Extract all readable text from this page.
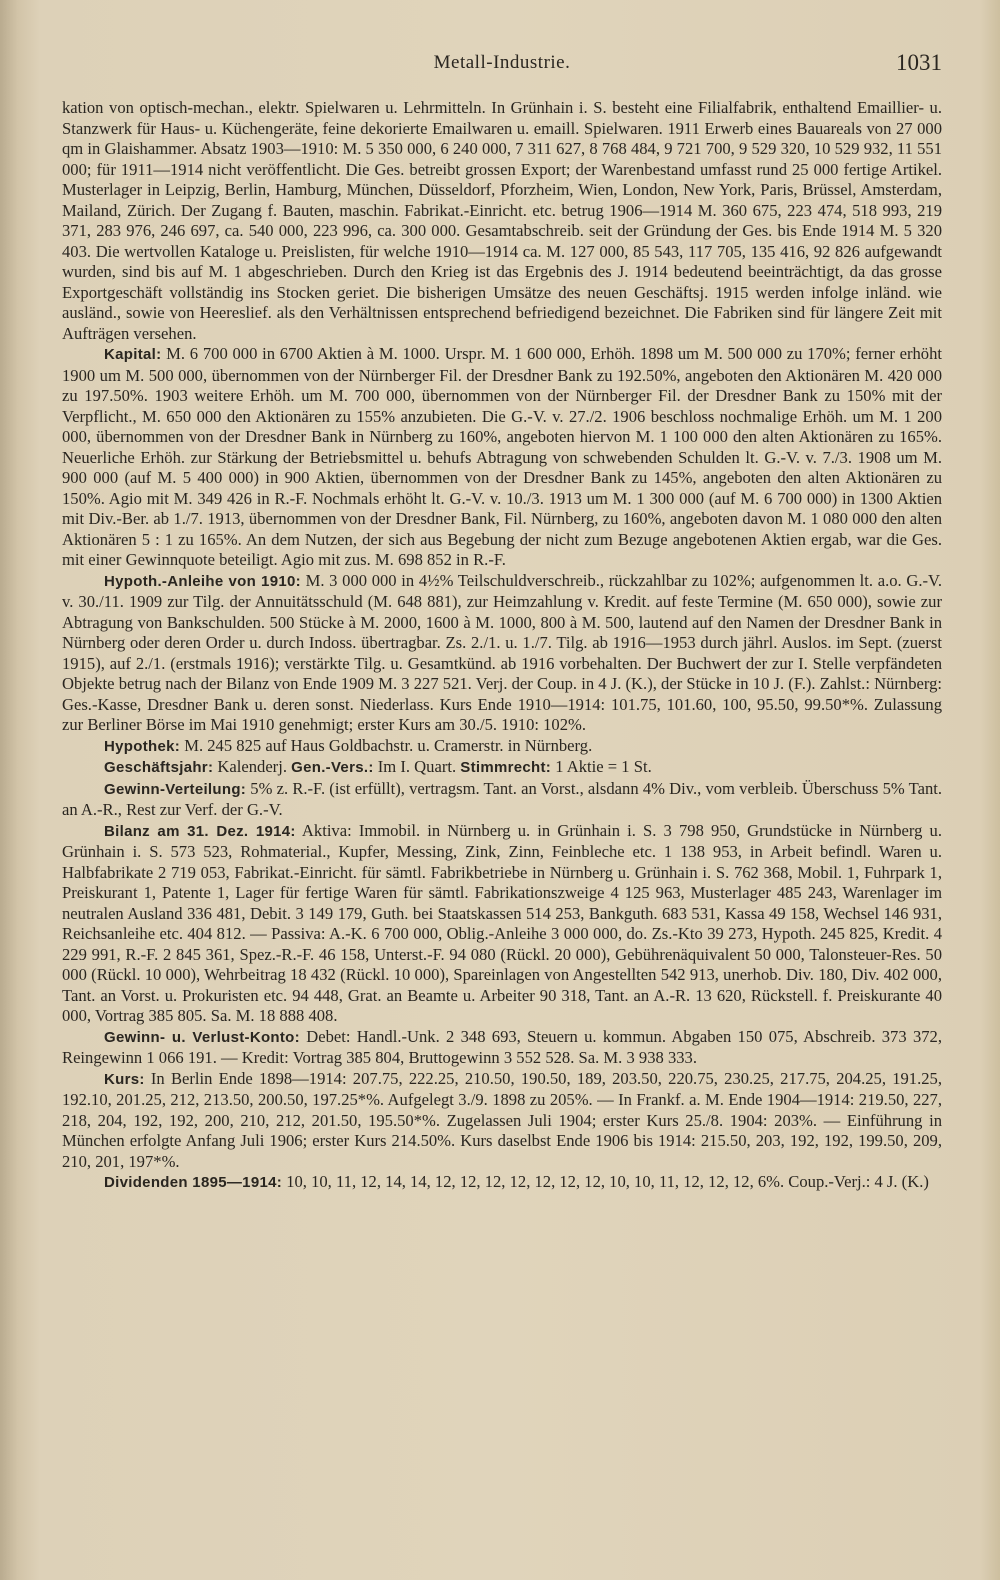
Metall-Industrie.	1031

kation von optisch-mechan., elektr. Spielwaren u. Lehrmitteln. In Grünhain i. S. besteht eine Filialfabrik, enthaltend Emaillier- u. Stanzwerk für Haus- u. Küchengeräte, feine dekorierte Emailwaren u. emaill. Spielwaren. 1911 Erwerb eines Bauareals von 27 000 qm in Glaishammer. Absatz 1903—1910: M. 5 350 000, 6 240 000, 7 311 627, 8 768 484, 9 721 700, 9 529 320, 10 529 932, 11 551 000; für 1911—1914 nicht veröffentlicht. Die Ges. betreibt grossen Export; der Warenbestand umfasst rund 25 000 fertige Artikel. Musterlager in Leipzig, Berlin, Hamburg, München, Düsseldorf, Pforzheim, Wien, London, New York, Paris, Brüssel, Amsterdam, Mailand, Zürich. Der Zugang f. Bauten, maschin. Fabrikat.-Einricht. etc. betrug 1906—1914 M. 360 675, 223 474, 518 993, 219 371, 283 976, 246 697, ca. 540 000, 223 996, ca. 300 000. Gesamtabschreib. seit der Gründung der Ges. bis Ende 1914 M. 5 320 403. Die wertvollen Kataloge u. Preislisten, für welche 1910—1914 ca. M. 127 000, 85 543, 117 705, 135 416, 92 826 aufgewandt wurden, sind bis auf M. 1 abgeschrieben. Durch den Krieg ist das Ergebnis des J. 1914 bedeutend beeinträchtigt, da das grosse Exportgeschäft vollständig ins Stocken geriet. Die bisherigen Umsätze des neuen Geschäftsj. 1915 werden infolge inländ. wie ausländ., sowie von Heereslief. als den Verhältnissen entsprechend befriedigend bezeichnet. Die Fabriken sind für längere Zeit mit Aufträgen versehen.

Kapital: M. 6 700 000 in 6700 Aktien à M. 1000. Urspr. M. 1 600 000, Erhöh. 1898 um M. 500 000 zu 170%; ferner erhöht 1900 um M. 500 000, übernommen von der Nürnberger Fil. der Dresdner Bank zu 192.50%, angeboten den Aktionären M. 420 000 zu 197.50%. 1903 weitere Erhöh. um M. 700 000, übernommen von der Nürnberger Fil. der Dresdner Bank zu 150% mit der Verpflicht., M. 650 000 den Aktionären zu 155% anzubieten. Die G.-V. v. 27./2. 1906 beschloss nochmalige Erhöh. um M. 1 200 000, übernommen von der Dresdner Bank in Nürnberg zu 160%, angeboten hiervon M. 1 100 000 den alten Aktionären zu 165%. Neuerliche Erhöh. zur Stärkung der Betriebsmittel u. behufs Abtragung von schwebenden Schulden lt. G.-V. v. 7./3. 1908 um M. 900 000 (auf M. 5 400 000) in 900 Aktien, übernommen von der Dresdner Bank zu 145%, angeboten den alten Aktionären zu 150%. Agio mit M. 349 426 in R.-F. Nochmals erhöht lt. G.-V. v. 10./3. 1913 um M. 1 300 000 (auf M. 6 700 000) in 1300 Aktien mit Div.-Ber. ab 1./7. 1913, übernommen von der Dresdner Bank, Fil. Nürnberg, zu 160%, angeboten davon M. 1 080 000 den alten Aktionären 5 : 1 zu 165%. An dem Nutzen, der sich aus Begebung der nicht zum Bezuge angebotenen Aktien ergab, war die Ges. mit einer Gewinnquote beteiligt. Agio mit zus. M. 698 852 in R.-F.

Hypoth.-Anleihe von 1910: M. 3 000 000 in 4½% Teilschuldverschreib., rückzahlbar zu 102%; aufgenommen lt. a.o. G.-V. v. 30./11. 1909 zur Tilg. der Annuitätsschuld (M. 648 881), zur Heimzahlung v. Kredit. auf feste Termine (M. 650 000), sowie zur Abtragung von Bankschulden. 500 Stücke à M. 2000, 1600 à M. 1000, 800 à M. 500, lautend auf den Namen der Dresdner Bank in Nürnberg oder deren Order u. durch Indoss. übertragbar. Zs. 2./1. u. 1./7. Tilg. ab 1916—1953 durch jährl. Auslos. im Sept. (zuerst 1915), auf 2./1. (erstmals 1916); verstärkte Tilg. u. Gesamtkünd. ab 1916 vorbehalten. Der Buchwert der zur I. Stelle verpfändeten Objekte betrug nach der Bilanz von Ende 1909 M. 3 227 521. Verj. der Coup. in 4 J. (K.), der Stücke in 10 J. (F.). Zahlst.: Nürnberg: Ges.-Kasse, Dresdner Bank u. deren sonst. Niederlass. Kurs Ende 1910—1914: 101.75, 101.60, 100, 95.50, 99.50*%. Zulassung zur Berliner Börse im Mai 1910 genehmigt; erster Kurs am 30./5. 1910: 102%.

Hypothek: M. 245 825 auf Haus Goldbachstr. u. Cramerstr. in Nürnberg.

Geschäftsjahr: Kalenderj. Gen.-Vers.: Im I. Quart. Stimmrecht: 1 Aktie = 1 St.

Gewinn-Verteilung: 5% z. R.-F. (ist erfüllt), vertragsm. Tant. an Vorst., alsdann 4% Div., vom verbleib. Überschuss 5% Tant. an A.-R., Rest zur Verf. der G.-V.

Bilanz am 31. Dez. 1914: Aktiva: Immobil. in Nürnberg u. in Grünhain i. S. 3 798 950, Grundstücke in Nürnberg u. Grünhain i. S. 573 523, Rohmaterial., Kupfer, Messing, Zink, Zinn, Feinbleche etc. 1 138 953, in Arbeit befindl. Waren u. Halbfabrikate 2 719 053, Fabrikat.-Einricht. für sämtl. Fabrikbetriebe in Nürnberg u. Grünhain i. S. 762 368, Mobil. 1, Fuhrpark 1, Preiskurant 1, Patente 1, Lager für fertige Waren für sämtl. Fabrikationszweige 4 125 963, Musterlager 485 243, Warenlager im neutralen Ausland 336 481, Debit. 3 149 179, Guth. bei Staatskassen 514 253, Bankguth. 683 531, Kassa 49 158, Wechsel 146 931, Reichsanleihe etc. 404 812. — Passiva: A.-K. 6 700 000, Oblig.-Anleihe 3 000 000, do. Zs.-Kto 39 273, Hypoth. 245 825, Kredit. 4 229 991, R.-F. 2 845 361, Spez.-R.-F. 46 158, Unterst.-F. 94 080 (Rückl. 20 000), Gebührenäquivalent 50 000, Talonsteuer-Res. 50 000 (Rückl. 10 000), Wehrbeitrag 18 432 (Rückl. 10 000), Spareinlagen von Angestellten 542 913, unerhob. Div. 180, Div. 402 000, Tant. an Vorst. u. Prokuristen etc. 94 448, Grat. an Beamte u. Arbeiter 90 318, Tant. an A.-R. 13 620, Rückstell. f. Preiskurante 40 000, Vortrag 385 805. Sa. M. 18 888 408.

Gewinn- u. Verlust-Konto: Debet: Handl.-Unk. 2 348 693, Steuern u. kommun. Abgaben 150 075, Abschreib. 373 372, Reingewinn 1 066 191. — Kredit: Vortrag 385 804, Bruttogewinn 3 552 528. Sa. M. 3 938 333.

Kurs: In Berlin Ende 1898—1914: 207.75, 222.25, 210.50, 190.50, 189, 203.50, 220.75, 230.25, 217.75, 204.25, 191.25, 192.10, 201.25, 212, 213.50, 200.50, 197.25*%. Aufgelegt 3./9. 1898 zu 205%. — In Frankf. a. M. Ende 1904—1914: 219.50, 227, 218, 204, 192, 192, 200, 210, 212, 201.50, 195.50*%. Zugelassen Juli 1904; erster Kurs 25./8. 1904: 203%. — Einführung in München erfolgte Anfang Juli 1906; erster Kurs 214.50%. Kurs daselbst Ende 1906 bis 1914: 215.50, 203, 192, 192, 199.50, 209, 210, 201, 197*%.

Dividenden 1895—1914: 10, 10, 11, 12, 14, 14, 12, 12, 12, 12, 12, 12, 12, 10, 10, 11, 12, 12, 12, 6%. Coup.-Verj.: 4 J. (K.)
